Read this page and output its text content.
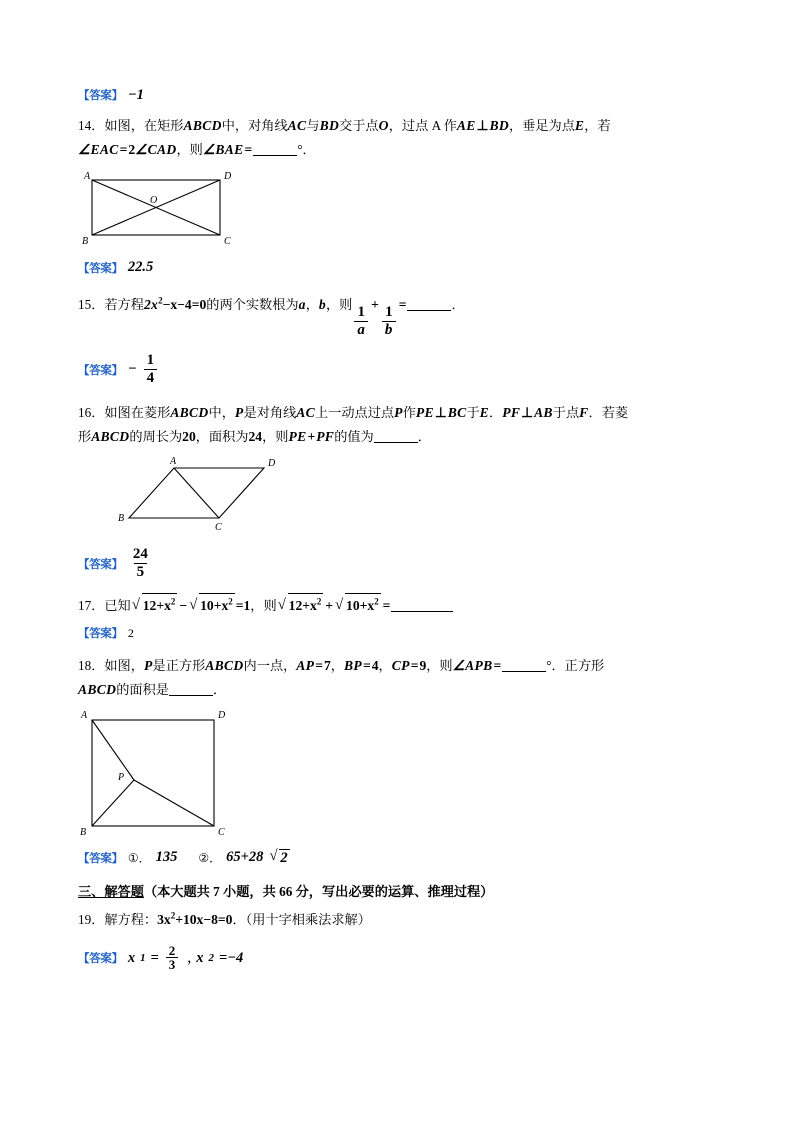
【答案】 −1
14．如图，在矩形ABCD中，对角线AC与BD交于点O，过点 A 作AE⊥BD，垂足为点E，若
∠EAC=2∠CAD，则∠BAE=	°．
A	D
B	C
O
【答案】 22.5
15．若方程$2x^2-x-4=0$的两个实数根为a，b，则
$\frac{1}{a}$
+
$\frac{1}{b}$
=	．
【答案】 − $\frac{1}{4}$
16．如图在菱形ABCD中，P是对角线AC上一动点过点P作PE⊥BC于E．PF⊥AB于点F．若菱
形ABCD的周长为20，面积为24，则PE+PF的值为	．
A	D
B
C
【答案】 $\frac{24}{5}$
17．已知 √ $12+x^2$ − √ $10+x^2 =1$，则 √ $12+x^2$ + √ $10+x^2$ =
【答案】 2
18．如图，P是正方形ABCD内一点，AP=7，BP=4，CP=9，则∠APB=	°．正方形
ABCD的面积是	．
A	D
B	C
P
【答案】 ①． 135 ②． 65+28	√ 2
三、解答题（本大题共 7 小题，共 66 分，写出必要的运算、推理过程）
19．解方程：$3x^2+10x-8=0$．（用十字相乘法求解）
【答案】 x $1 = \frac{2}{3}$ , x 2 =−4
